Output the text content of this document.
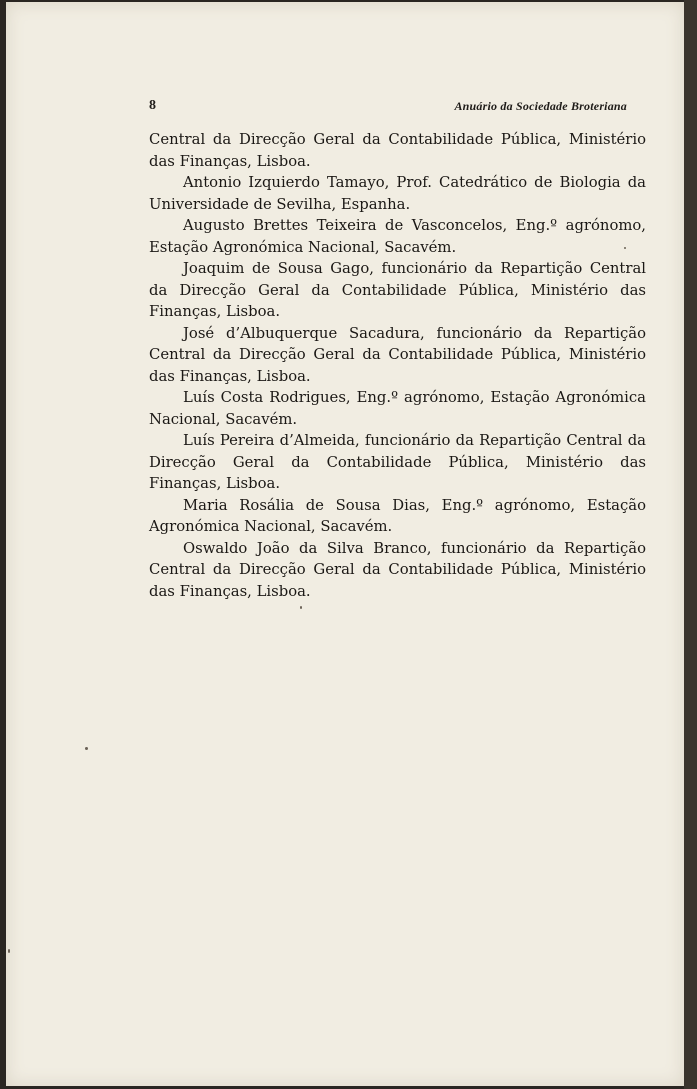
8	Anuário da Sociedade Broteriana

Central da Direcção Geral da Contabilidade Pública, Ministério das Finanças, Lisboa.

Antonio Izquierdo Tamayo, Prof. Catedrático de Biologia da Universidade de Sevilha, Espanha.

Augusto Brettes Teixeira de Vasconcelos, Eng.º agrónomo, Estação Agronómica Nacional, Sacavém.

Joaquim de Sousa Gago, funcionário da Repartição Central da Direcção Geral da Contabilidade Pública, Ministério das Finanças, Lisboa.

José d’Albuquerque Sacadura, funcionário da Repartição Central da Direcção Geral da Contabilidade Pública, Ministério das Finanças, Lisboa.

Luís Costa Rodrigues, Eng.º agrónomo, Estação Agronómica Nacional, Sacavém.

Luís Pereira d’Almeida, funcionário da Repartição Central da Direcção Geral da Contabilidade Pública, Ministério das Finanças, Lisboa.

Maria Rosália de Sousa Dias, Eng.º agrónomo, Estação Agronómica Nacional, Sacavém.

Oswaldo João da Silva Branco, funcionário da Repartição Central da Direcção Geral da Contabilidade Pública, Ministério das Finanças, Lisboa.
